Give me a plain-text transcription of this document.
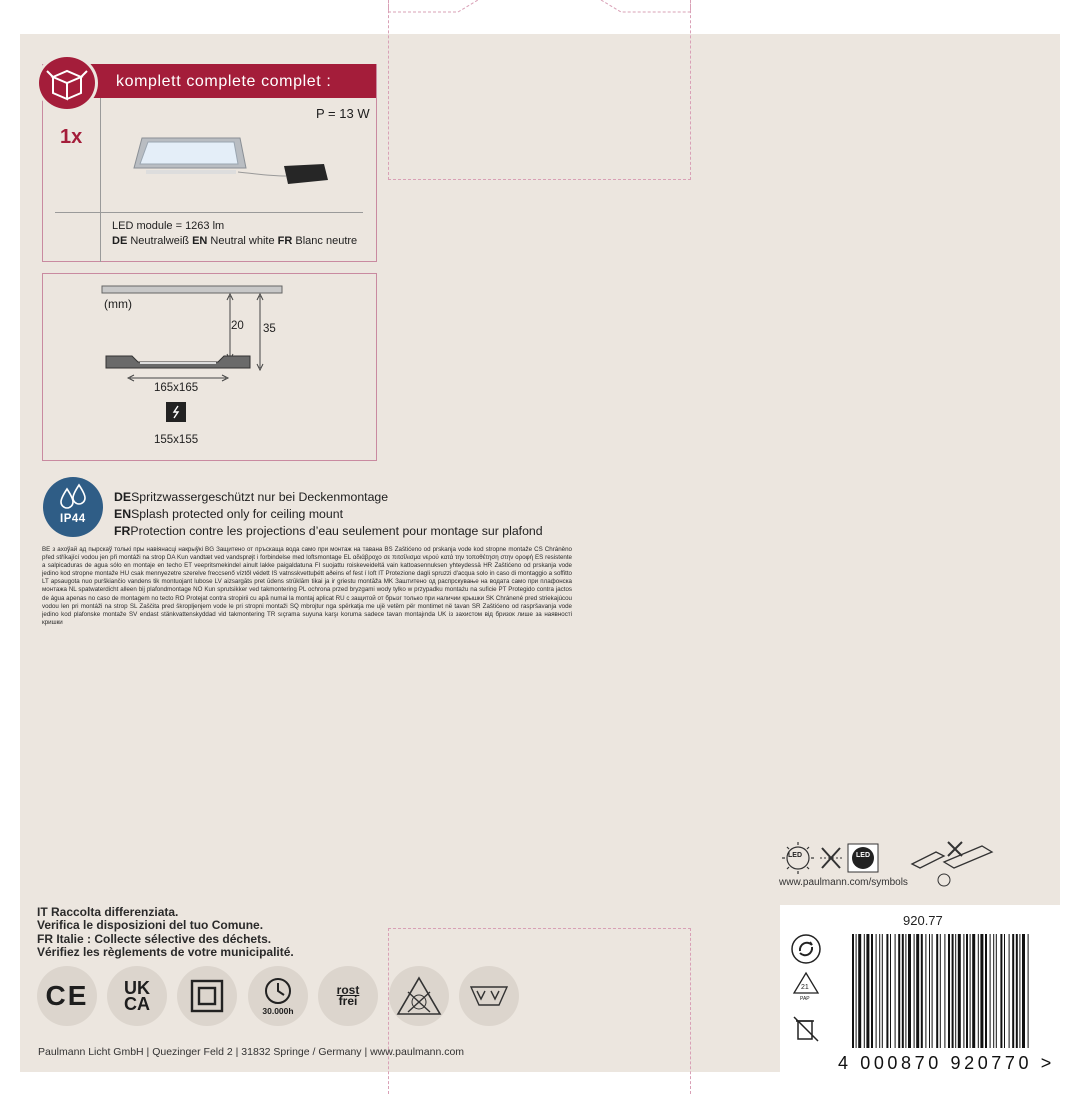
komplett complete complet :
1x
P = 13 W
LED module = 1263 lm
DE Neutralweiß EN Neutral white FR Blanc neutre
(mm)
20 35
165x165
155x155
IP44
DESpritzwassergeschützt nur bei Deckenmontage
ENSplash protected only for ceiling mount
FRProtection contre les projections d’eau seulement pour montage sur plafond
BE з ахоўай ад пырскаў толькі пры навіянасці накрыўкі BG Защитено от пръскаща вода само при монтаж на тавана BS Zaštićeno od prskanja vode kod stropne montaže CS Chráněno před stříkající vodou jen při montáži na strop DA Kun vandtæt ved vandsprøjt i forbindelse med loftsmontage EL αδιάβροχο σε πιτσίλισμα νερού κατά την τοποθέτηση στην οροφή ES resistente a salpicaduras de agua sólo en montaje en techo ET veepritsmekindel ainult lakke paigaldatuna FI suojattu roiskeveideltä vain kattoasennuksen yhteydessä HR Zaštićeno od prskanja vode jedino kod stropne montaže HU csak mennyezetre szerelve freccsenő víztől védett IS vatnsskvettuþétt aðeins ef fest í loft IT Protezione dagli spruzzi d'acqua solo in caso di montaggio a soffitto LT apsaugota nuo purškiančio vandens tik montuojant lubose LV aizsargāts pret ūdens strūklām tikai ja ir griestu montāža MK Заштитено од распрскување на водата само при плафонска монтажа NL spatwaterdicht alleen bij plafondmontage NO Kun sprutsikker ved takmontering PL ochrona przed bryzgami wody tylko w przypadku montażu na suficie PT Protegido contra jactos de água apenas no caso de montagem no tecto RO Protejat contra stropirii cu apă numai la montaj aplicat RU с защитой от брызг только при наличии крышки SK Chránené pred striekajúcou vodou len pri montáži na strop SL Zaščita pred škropljenjem vode le pri stropni montaži SQ mbrojtur nga spërkatja me ujë vetëm për montimet në tavan SR Zaštićeno od raspršavanja vode jedino kod plafonske montaže SV endast stänkvattenskyddad vid takmontering TR sıçrama suyuna karşı koruma sadece tavan montajında UK із захистом від бризок лише за наявності кришки
LED	LED
www.paulmann.com/symbols
IT Raccolta differenziata.
Verifica le disposizioni del tuo Comune.
FR Italie : Collecte sélective des déchets.
Vérifiez les règlements de votre municipalité.
CE UK
CA	30.000h
rost
frei
Paulmann Licht GmbH | Quezinger Feld 2 | 31832 Springe / Germany | www.paulmann.com
920.77
21
PAP
4 000870 920770 >
